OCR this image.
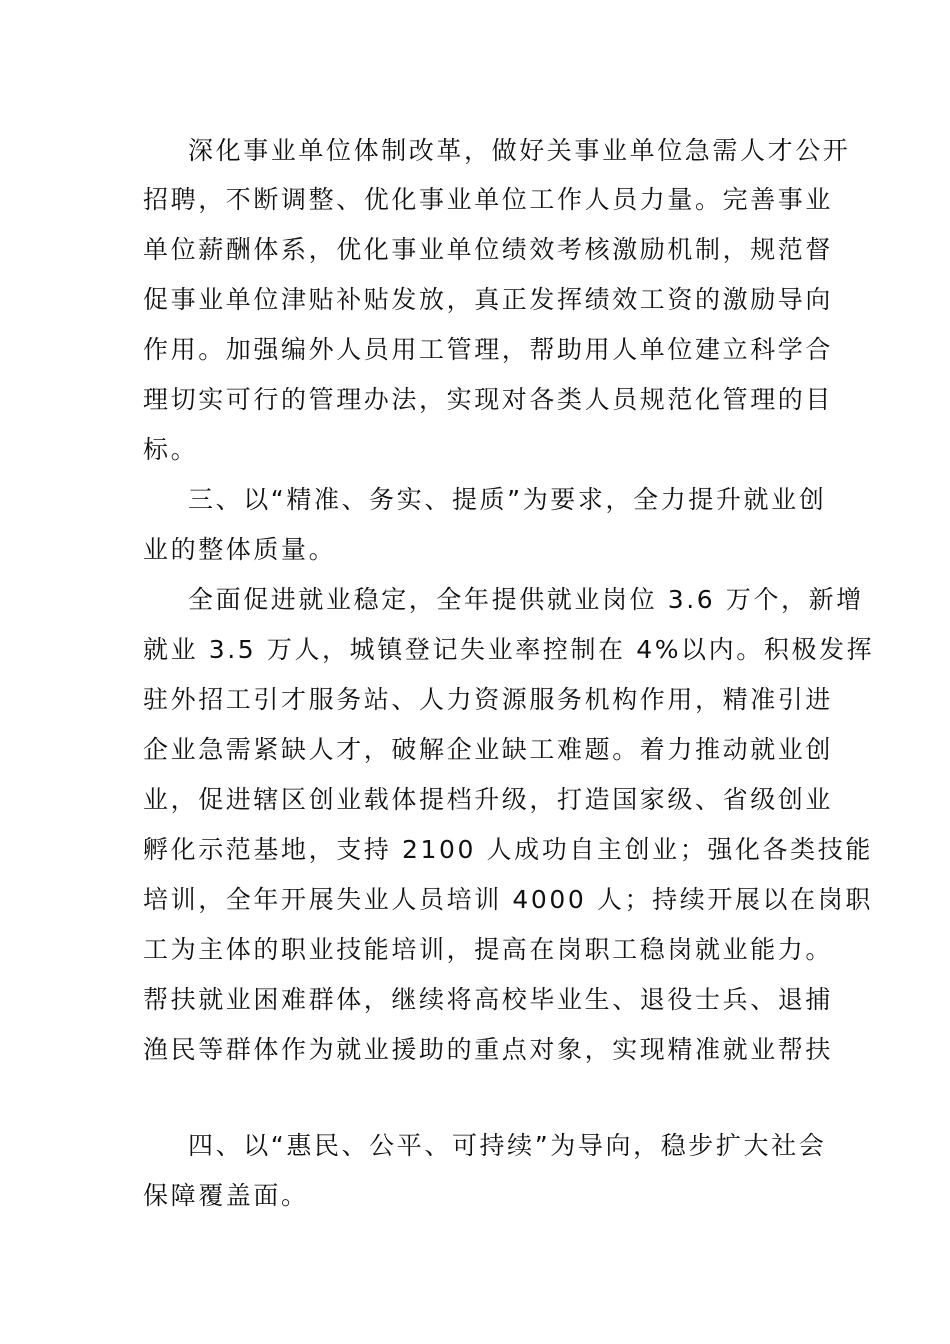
深化事业单位体制改革，做好关事业单位急需人才公开
招聘，不断调整、优化事业单位工作人员力量。完善事业
单位薪酬体系，优化事业单位绩效考核激励机制，规范督
促事业单位津贴补贴发放，真正发挥绩效工资的激励导向
作用。加强编外人员用工管理，帮助用人单位建立科学合
理切实可行的管理办法，实现对各类人员规范化管理的目
标。
三、以“精准、务实、提质”为要求，全力提升就业创
业的整体质量。
全面促进就业稳定，全年提供就业岗位 3.6 万个，新增
就业 3.5 万人，城镇登记失业率控制在 4%以内。积极发挥
驻外招工引才服务站、人力资源服务机构作用，精准引进
企业急需紧缺人才，破解企业缺工难题。着力推动就业创
业，促进辖区创业载体提档升级，打造国家级、省级创业
孵化示范基地，支持 2100 人成功自主创业；强化各类技能
培训，全年开展失业人员培训 4000 人；持续开展以在岗职
工为主体的职业技能培训，提高在岗职工稳岗就业能力。
帮扶就业困难群体，继续将高校毕业生、退役士兵、退捕
渔民等群体作为就业援助的重点对象，实现精准就业帮扶
四、以“惠民、公平、可持续”为导向，稳步扩大社会
保障覆盖面。
